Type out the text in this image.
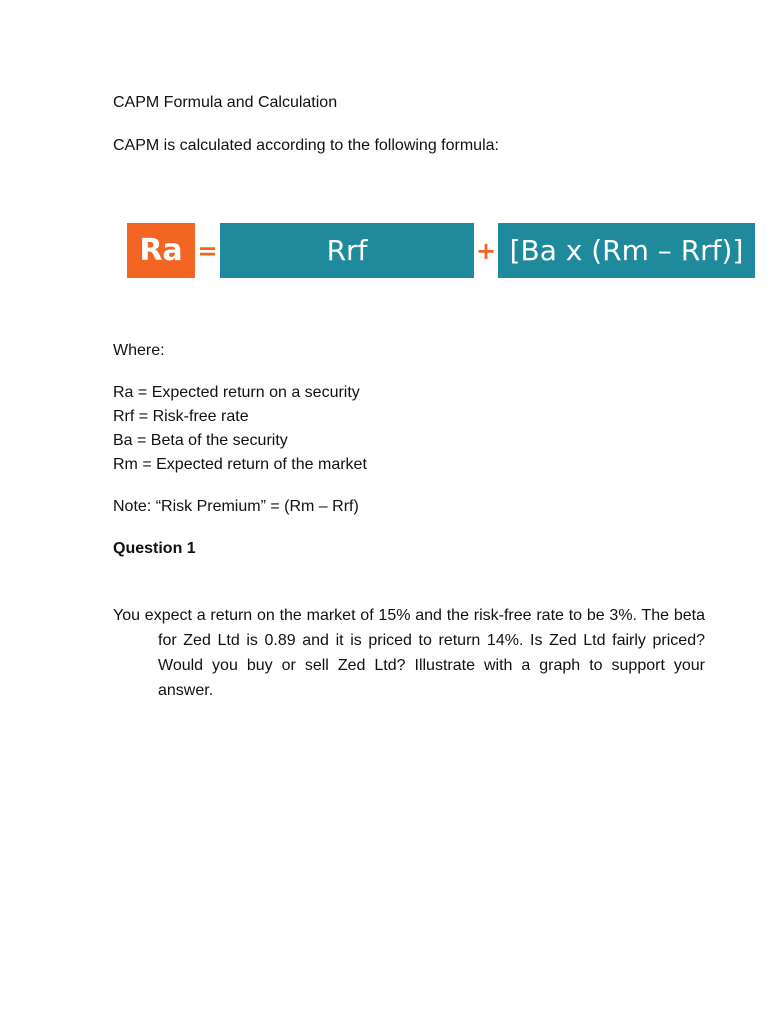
CAPM Formula and Calculation
CAPM is calculated according to the following formula:
Ra =	Rrf	+ [Ba x (Rm – Rrf)]
Where:
Ra = Expected return on a security
Rrf = Risk-free rate
Ba = Beta of the security
Rm = Expected return of the market
Note: “Risk Premium” = (Rm – Rrf)
Question 1
You expect a return on the market of 15% and the risk-free rate to be 3%. The beta for Zed Ltd is 0.89 and it is priced to return 14%. Is Zed Ltd fairly priced? Would you buy or sell Zed Ltd? Illustrate with a graph to support your answer.
